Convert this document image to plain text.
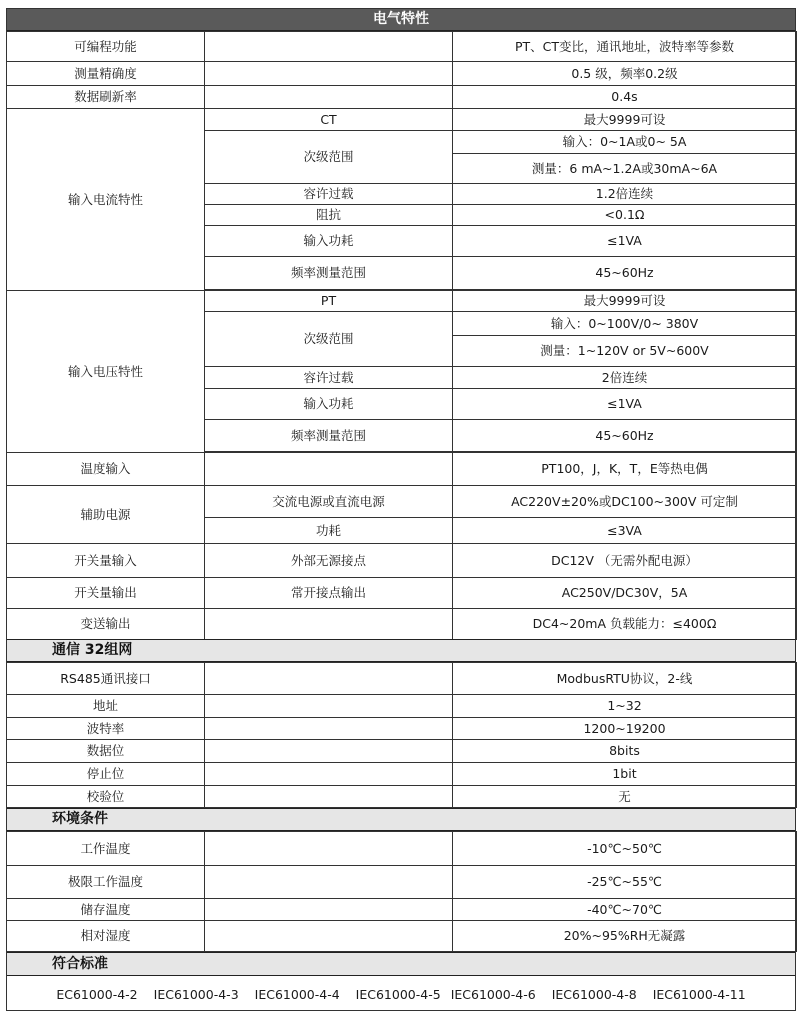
电气特性
可编程功能		PT、CT变比，通讯地址，波特率等参数
测量精确度		0.5 级，频率0.2级
数据刷新率		0.4s
输入电流特性	CT	最大9999可设
	次级范围	输入：0~1A或0~ 5A
		测量：6 mA~1.2A或30mA~6A
	容许过载	1.2倍连续
	阻抗	<0.1Ω
	输入功耗	≤1VA
	频率测量范围	45~60Hz

输入电压特性	PT	最大9999可设
	次级范围	输入：0~100V/0~ 380V
		测量：1~120V or 5V~600V
	容许过载	2倍连续
	输入功耗	≤1VA
	频率测量范围	45~60Hz

温度输入		PT100，J，K，T，E等热电偶
辅助电源	交流电源或直流电源	AC220V±20%或DC100~300V 可定制
	功耗	≤3VA
开关量输入	外部无源接点	DC12V （无需外配电源）
开关量输出	常开接点输出	AC250V/DC30V，5A
变送输出		DC4~20mA 负载能力：≤400Ω
通信 32组网
RS485通讯接口		ModbusRTU协议，2-线
地址		1~32
波特率		1200~19200
数据位		8bits
停止位		1bit
校验位		无
环境条件
工作温度		-10℃~50℃
极限工作温度		-25℃~55℃
储存温度		-40℃~70℃
相对湿度		20%~95%RH无凝露
符合标准
EC61000-4-2	IEC61000-4-3	IEC61000-4-4	IEC61000-4-5 IEC61000-4-6	IEC61000-4-8	IEC61000-4-11
